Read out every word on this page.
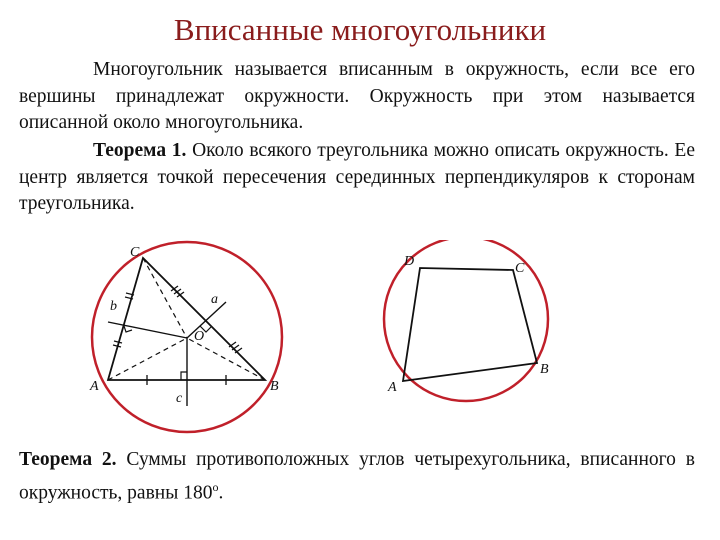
Вписанные многоугольники

Многоугольник называется вписанным в окружность, если все его вершины принадлежат окружности. Окружность при этом называется описанной около многоугольника.

Теорема 1. Около всякого треугольника можно описать окружность. Ее центр является точкой пересечения серединных перпендикуляров к сторонам треугольника.

C
A	B
O
a
b
c
D	C
B
A

Теорема 2. Суммы противоположных углов четырехугольника, вписанного в окружность, равны $180^о$.
